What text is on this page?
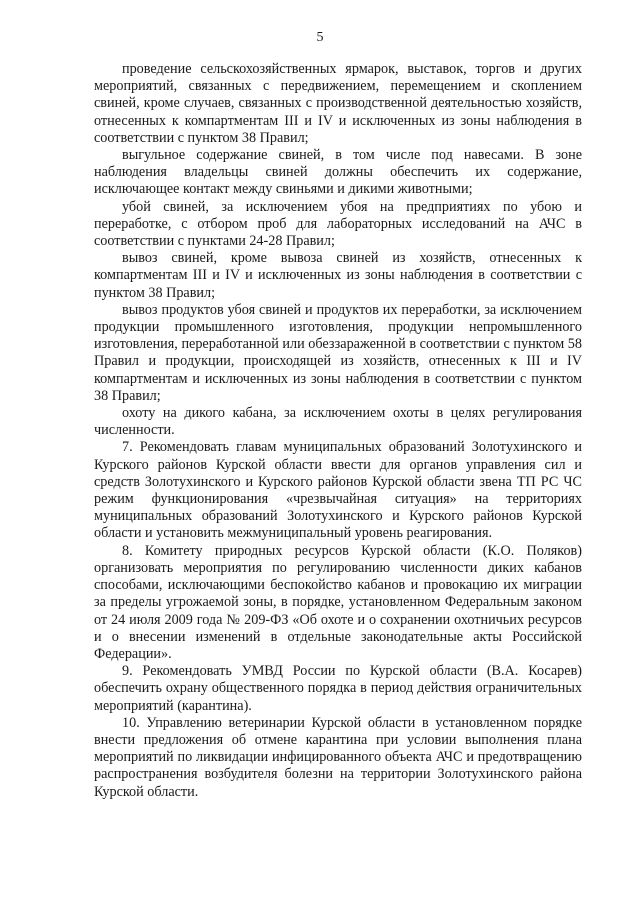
5

проведение сельскохозяйственных ярмарок, выставок, торгов и других мероприятий, связанных с передвижением, перемещением и скоплением свиней, кроме случаев, связанных с производственной деятельностью хозяйств, отнесенных к компартментам III и IV и исключенных из зоны наблюдения в соответствии с пунктом 38 Правил;

выгульное содержание свиней, в том числе под навесами. В зоне наблюдения владельцы свиней должны обеспечить их содержание, исключающее контакт между свиньями и дикими животными;

убой свиней, за исключением убоя на предприятиях по убою и переработке, с отбором проб для лабораторных исследований на АЧС в соответствии с пунктами 24-28 Правил;

вывоз свиней, кроме вывоза свиней из хозяйств, отнесенных к компартментам III и IV и исключенных из зоны наблюдения в соответствии с пунктом 38 Правил;

вывоз продуктов убоя свиней и продуктов их переработки, за исключением продукции промышленного изготовления, продукции непромышленного изготовления, переработанной или обеззараженной в соответствии с пунктом 58 Правил и продукции, происходящей из хозяйств, отнесенных к III и IV компартментам и исключенных из зоны наблюдения в соответствии с пунктом 38 Правил;

охоту на дикого кабана, за исключением охоты в целях регулирования численности.

7. Рекомендовать главам муниципальных образований Золотухинского и Курского районов Курской области ввести для органов управления сил и средств Золотухинского и Курского районов Курской области звена ТП РС ЧС режим функционирования «чрезвычайная ситуация» на территориях муниципальных образований Золотухинского и Курского районов Курской области и установить межмуниципальный уровень реагирования.

8. Комитету природных ресурсов Курской области (К.О. Поляков) организовать мероприятия по регулированию численности диких кабанов способами, исключающими беспокойство кабанов и провокацию их миграции за пределы угрожаемой зоны, в порядке, установленном Федеральным законом от 24 июля 2009 года № 209-ФЗ «Об охоте и о сохранении охотничьих ресурсов и о внесении изменений в отдельные законодательные акты Российской Федерации».

9. Рекомендовать УМВД России по Курской области (В.А. Косарев) обеспечить охрану общественного порядка в период действия ограничительных мероприятий (карантина).

10. Управлению ветеринарии Курской области в установленном порядке внести предложения об отмене карантина при условии выполнения плана мероприятий по ликвидации инфицированного объекта АЧС и предотвращению распространения возбудителя болезни на территории Золотухинского района Курской области.
